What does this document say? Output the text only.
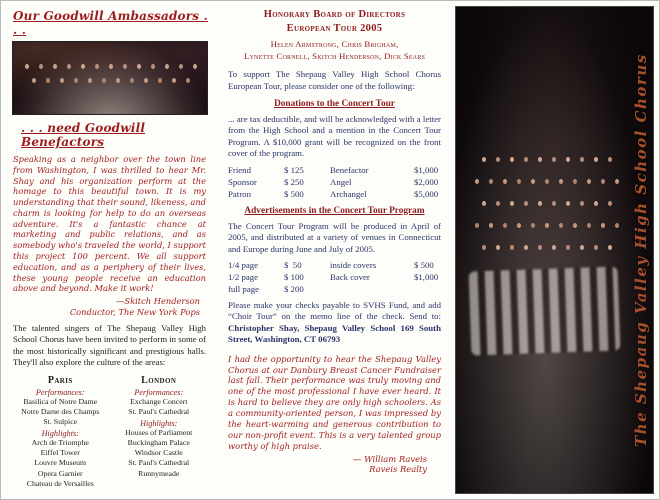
Our Goodwill Ambassadors . . .
. . . need Goodwill Benefactors

Speaking as a neighbor over the town line from Washington, I was thrilled to hear Mr. Shay and his organization perform at the homage to this beautiful town. It is my understanding that their sound, likeness, and charm is looking for help to do an overseas adventure. It's a fantastic chance at marketing and public relations, and as somebody who's traveled the world, I support this project 100 percent. We all support education, and as a periphery of their lives, these young people receive an education above and beyond. Make it work!

—Skitch Henderson
Conductor, The New York Pops

The talented singers of The Shepaug Valley High School Chorus have been invited to perform in some of the most historically significant and prestigious halls. They'll also explore the culture of the areas:

Paris
Performances:
Basilica of Notre Dame
Notre Dame des Champs
St. Sulpice
Highlights:
Arch de Triomphe
Eiffel Tower
Louvre Museum
Opera Garnier
Chateau de Versailles
London
Performances:
Exchange Concert
St. Paul's Cathedral
Highlights:
Houses of Parliament
Buckingham Palace
Windsor Castle
St. Paul's Cathedral
Runnymeade
Honorary Board of Directors
European Tour 2005
Helen Armstrong, Chris Brigham,
Lynette Cornell, Skitch Henderson, Dick Sears

To support The Shepaug Valley High School Chorus European Tour, please consider one of the following:

Donations to the Concert Tour

... are tax deductible, and will be acknowledged with a letter from the High School and a mention in the Concert Tour Program. A $10,000 grant will be recognized on the front cover of the program.

Friend	$ 125	Benefactor	$1,000
Sponsor	$ 250	Angel	$2,000
Patron	$ 500	Archangel	$5,000
Advertisements in the Concert Tour Program

The Concert Tour Program will be produced in April of 2005, and distributed at a variety of venues in Connecticut and Europe during June and July of 2005.

1/4 page	$  50	inside covers	$ 500
1/2 page	$ 100	Back cover	$1,000
full page	$ 200

Please make your checks payable to SVHS Fund, and add “Choir Tour” on the memo line of the check. Send to: Christopher Shay, Shepaug Valley School 169 South Street, Washington, CT 06793

I had the opportunity to hear the Shepaug Valley Chorus at our Danbury Breast Cancer Fundraiser last fall. Their performance was truly moving and one of the most professional I have ever heard. It is hard to believe they are only high schoolers. As a community-oriented person, I was impressed by the heart-warming and generous contribution to our non-profit event. This is a very talented group worthy of high praise.

— William Raveis
Raveis Realty
The Shepaug Valley High School Chorus
